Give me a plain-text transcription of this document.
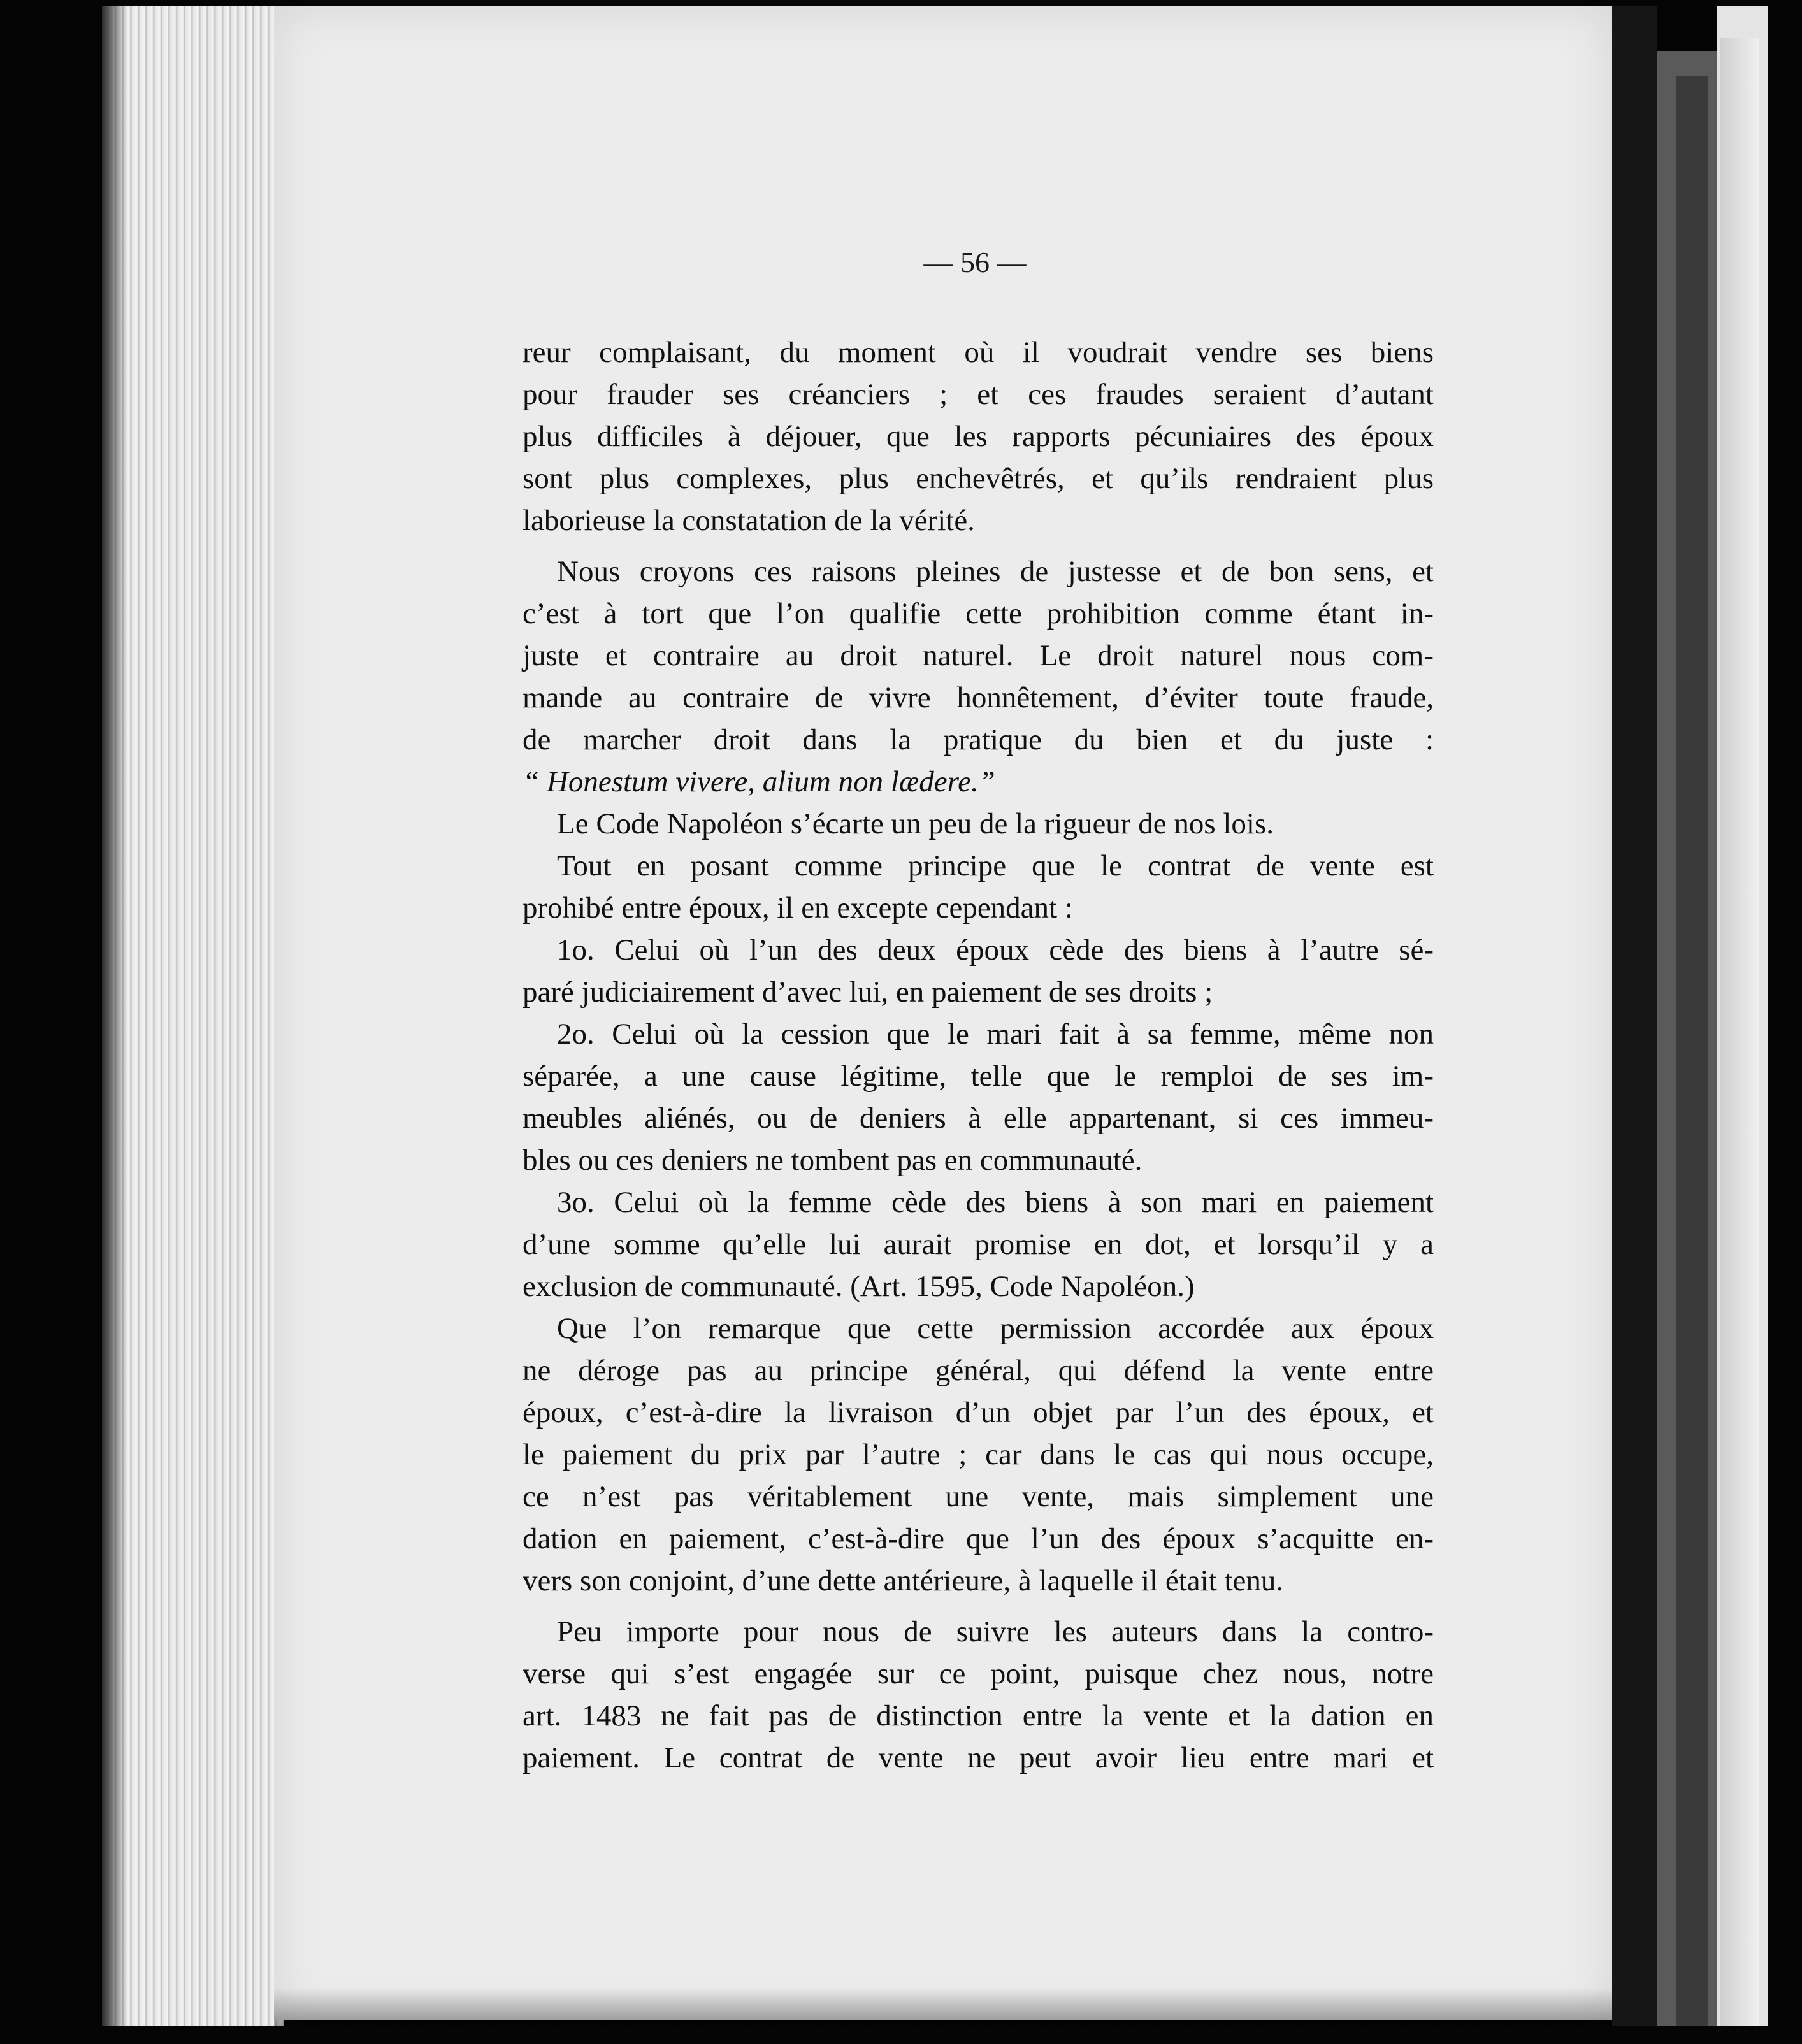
— 56 —
reur complaisant, du moment où il voudrait vendre ses biens
pour frauder ses créanciers ; et ces fraudes seraient d’autant
plus difficiles à déjouer, que les rapports pécuniaires des époux
sont plus complexes, plus enchevêtrés, et qu’ils rendraient plus
laborieuse la constatation de la vérité.
Nous croyons ces raisons pleines de justesse et de bon sens, et
c’est à tort que l’on qualifie cette prohibition comme étant in-
juste et contraire au droit naturel. Le droit naturel nous com-
mande au contraire de vivre honnêtement, d’éviter toute fraude,
de marcher droit dans la pratique du bien et du juste :
“ Honestum vivere, alium non lædere.”
Le Code Napoléon s’écarte un peu de la rigueur de nos lois.
Tout en posant comme principe que le contrat de vente est
prohibé entre époux, il en excepte cependant :
1o. Celui où l’un des deux époux cède des biens à l’autre sé-
paré judiciairement d’avec lui, en paiement de ses droits ;
2o. Celui où la cession que le mari fait à sa femme, même non
séparée, a une cause légitime, telle que le remploi de ses im-
meubles aliénés, ou de deniers à elle appartenant, si ces immeu-
bles ou ces deniers ne tombent pas en communauté.
3o. Celui où la femme cède des biens à son mari en paiement
d’une somme qu’elle lui aurait promise en dot, et lorsqu’il y a
exclusion de communauté. (Art. 1595, Code Napoléon.)
Que l’on remarque que cette permission accordée aux époux
ne déroge pas au principe général, qui défend la vente entre
époux, c’est-à-dire la livraison d’un objet par l’un des époux, et
le paiement du prix par l’autre ; car dans le cas qui nous occupe,
ce n’est pas véritablement une vente, mais simplement une
dation en paiement, c’est-à-dire que l’un des époux s’acquitte en-
vers son conjoint, d’une dette antérieure, à laquelle il était tenu.
Peu importe pour nous de suivre les auteurs dans la contro-
verse qui s’est engagée sur ce point, puisque chez nous, notre
art. 1483 ne fait pas de distinction entre la vente et la dation en
paiement. Le contrat de vente ne peut avoir lieu entre mari et
